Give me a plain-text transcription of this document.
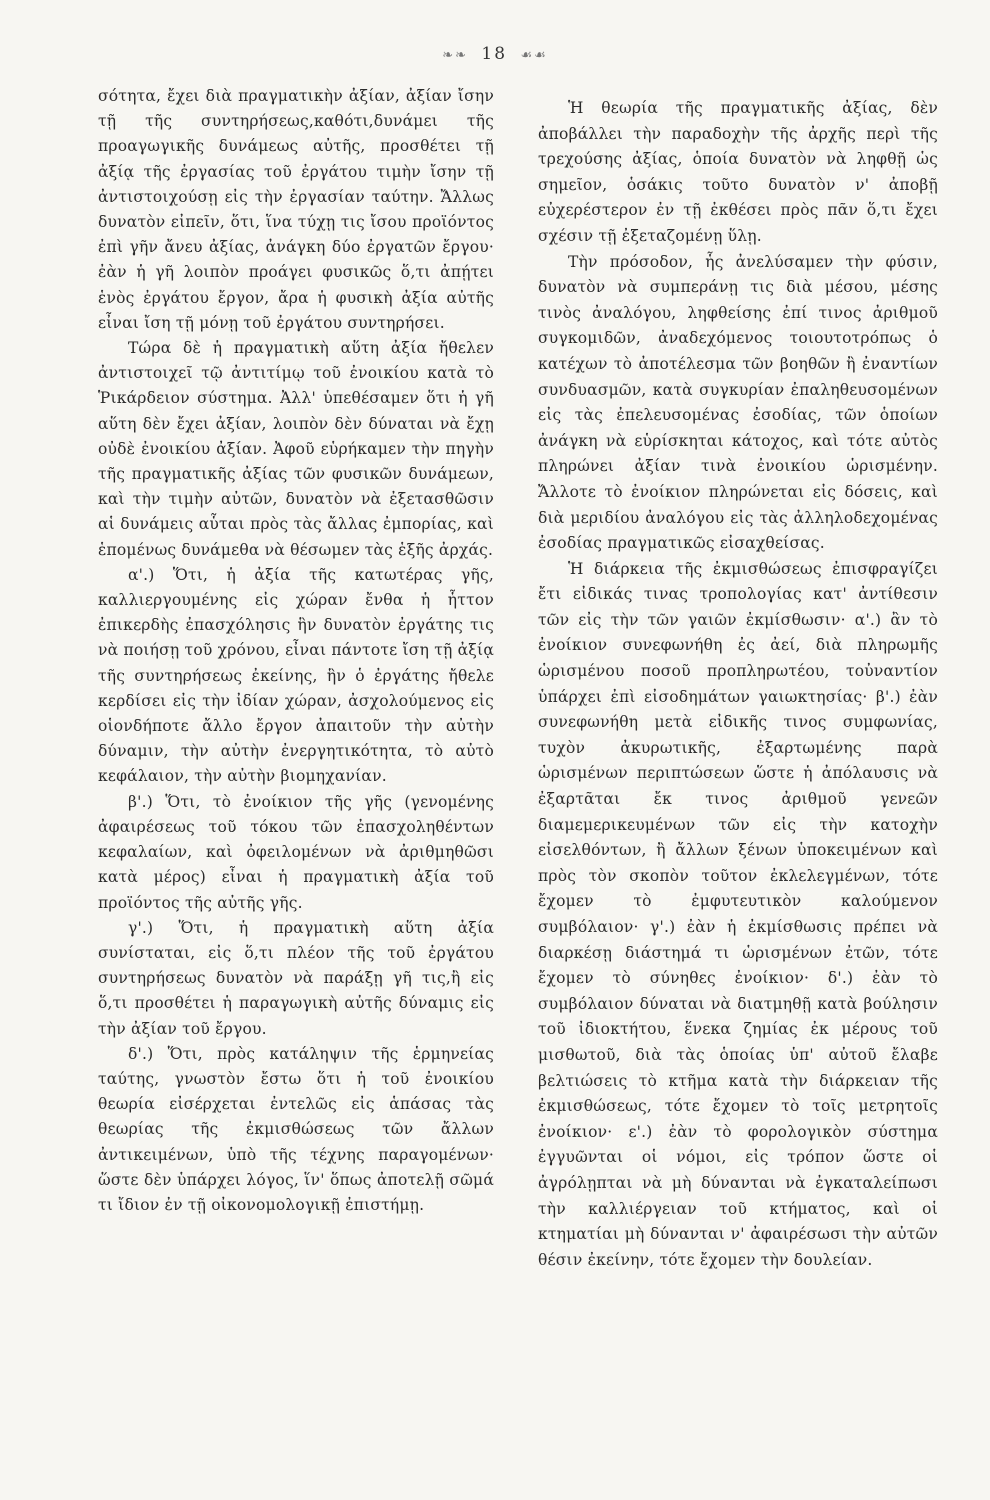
❧❧ 18 ☙☙

σότητα, ἔχει διὰ πραγματικὴν ἀξίαν, ἀξίαν ἴσην τῇ τῆς συντηρήσεως,καθότι,δυνάμει τῆς προαγωγικῆς δυνάμεως αὐτῆς, προσθέτει τῇ ἀξίᾳ τῆς ἐργασίας τοῦ ἐργάτου τιμὴν ἴσην τῇ ἀντιστοιχούσῃ εἰς τὴν ἐργασίαν ταύτην. Ἄλλως δυνατὸν εἰπεῖν, ὅτι, ἵνα τύχῃ τις ἴσου προϊόντος ἐπὶ γῆν ἄνευ ἀξίας, ἀνάγκη δύο ἐργατῶν ἔργου· ἐὰν ἡ γῆ λοιπὸν προάγει φυσικῶς ὅ,τι ἀπῄτει ἑνὸς ἐργάτου ἔργον, ἄρα ἡ φυσικὴ ἀξία αὐτῆς εἶναι ἴση τῇ μόνῃ τοῦ ἐργάτου συντηρήσει.

Τώρα δὲ ἡ πραγματικὴ αὕτη ἀξία ἤθελεν ἀντιστοιχεῖ τῷ ἀντιτίμῳ τοῦ ἐνοικίου κατὰ τὸ Ῥικάρδειον σύστημα. Ἀλλ' ὑπεθέσαμεν ὅτι ἡ γῆ αὕτη δὲν ἔχει ἀξίαν, λοιπὸν δὲν δύναται νὰ ἔχῃ οὐδὲ ἐνοικίου ἀξίαν. Ἀφοῦ εὑρήκαμεν τὴν πηγὴν τῆς πραγματικῆς ἀξίας τῶν φυσικῶν δυνάμεων, καὶ τὴν τιμὴν αὐτῶν, δυνατὸν νὰ ἐξετασθῶσιν αἱ δυνάμεις αὗται πρὸς τὰς ἄλλας ἐμπορίας, καὶ ἑπομένως δυνάμεθα νὰ θέσωμεν τὰς ἑξῆς ἀρχάς.

α'.) Ὅτι, ἡ ἀξία τῆς κατωτέρας γῆς, καλλιεργουμένης εἰς χώραν ἔνθα ἡ ἧττον ἐπικερδὴς ἐπασχόλησις ἣν δυνατὸν ἐργάτης τις νὰ ποιήσῃ τοῦ χρόνου, εἶναι πάντοτε ἴση τῇ ἀξίᾳ τῆς συντηρήσεως ἐκείνης, ἣν ὁ ἐργάτης ἤθελε κερδίσει εἰς τὴν ἰδίαν χώραν, ἀσχολούμενος εἰς οἱονδήποτε ἄλλο ἔργον ἀπαιτοῦν τὴν αὐτὴν δύναμιν, τὴν αὐτὴν ἐνεργητικότητα, τὸ αὐτὸ κεφάλαιον, τὴν αὐτὴν βιομηχανίαν.

β'.) Ὅτι, τὸ ἐνοίκιον τῆς γῆς (γενομένης ἀφαιρέσεως τοῦ τόκου τῶν ἐπασχοληθέντων κεφαλαίων, καὶ ὀφειλομένων νὰ ἀριθμηθῶσι κατὰ μέρος) εἶναι ἡ πραγματικὴ ἀξία τοῦ προϊόντος τῆς αὐτῆς γῆς.

γ'.) Ὅτι, ἡ πραγματικὴ αὕτη ἀξία συνίσταται, εἰς ὅ,τι πλέον τῆς τοῦ ἐργάτου συντηρήσεως δυνατὸν νὰ παράξῃ γῆ τις,ἢ εἰς ὅ,τι προσθέτει ἡ παραγωγικὴ αὐτῆς δύναμις εἰς τὴν ἀξίαν τοῦ ἔργου.

δ'.) Ὅτι, πρὸς κατάληψιν τῆς ἑρμηνείας ταύτης, γνωστὸν ἔστω ὅτι ἡ τοῦ ἐνοικίου θεωρία εἰσέρχεται ἐντελῶς εἰς ἁπάσας τὰς θεωρίας τῆς ἐκμισθώσεως τῶν ἄλλων ἀντικειμένων, ὑπὸ τῆς τέχνης παραγομένων· ὥστε δὲν ὑπάρχει λόγος, ἵν' ὅπως ἀποτελῇ σῶμά τι ἴδιον ἐν τῇ οἰκονομολογικῇ ἐπιστήμῃ.

Ἡ θεωρία τῆς πραγματικῆς ἀξίας, δὲν ἀποβάλλει τὴν παραδοχὴν τῆς ἀρχῆς περὶ τῆς τρεχούσης ἀξίας, ὁποία δυνατὸν νὰ ληφθῇ ὡς σημεῖον, ὁσάκις τοῦτο δυνατὸν ν' ἀποβῇ εὐχερέστερον ἐν τῇ ἐκθέσει πρὸς πᾶν ὅ,τι ἔχει σχέσιν τῇ ἐξεταζομένῃ ὕλῃ.

Τὴν πρόσοδον, ἧς ἀνελύσαμεν τὴν φύσιν, δυνατὸν νὰ συμπεράνῃ τις διὰ μέσου, μέσης τινὸς ἀναλόγου, ληφθείσης ἐπί τινος ἀριθμοῦ συγκομιδῶν, ἀναδεχόμενος τοιουτοτρόπως ὁ κατέχων τὸ ἀποτέλεσμα τῶν βοηθῶν ἢ ἐναντίων συνδυασμῶν, κατὰ συγκυρίαν ἐπαληθευσομένων εἰς τὰς ἐπελευσομένας ἐσοδίας, τῶν ὁποίων ἀνάγκη νὰ εὑρίσκηται κάτοχος, καὶ τότε αὐτὸς πληρώνει ἀξίαν τινὰ ἐνοικίου ὡρισμένην. Ἄλλοτε τὸ ἐνοίκιον πληρώνεται εἰς δόσεις, καὶ διὰ μεριδίου ἀναλόγου εἰς τὰς ἀλληλοδεχομένας ἐσοδίας πραγματικῶς εἰσαχθείσας.

Ἡ διάρκεια τῆς ἐκμισθώσεως ἐπισφραγίζει ἔτι εἰδικάς τινας τροπολογίας κατ' ἀντίθεσιν τῶν εἰς τὴν τῶν γαιῶν ἐκμίσθωσιν· α'.) ἂν τὸ ἐνοίκιον συνεφωνήθη ἐς ἀεί, διὰ πληρωμῆς ὡρισμένου ποσοῦ προπληρωτέου, τοὐναντίον ὑπάρχει ἐπὶ εἰσοδημάτων γαιωκτησίας· β'.) ἐὰν συνεφωνήθη μετὰ εἰδικῆς τινος συμφωνίας, τυχὸν ἀκυρωτικῆς, ἐξαρτωμένης παρὰ ὡρισμένων περιπτώσεων ὥστε ἡ ἀπόλαυσις νὰ ἐξαρτᾶται ἔκ τινος ἀριθμοῦ γενεῶν διαμεμερικευμένων τῶν εἰς τὴν κατοχὴν εἰσελθόντων, ἢ ἄλλων ξένων ὑποκειμένων καὶ πρὸς τὸν σκοπὸν τοῦτον ἐκλελεγμένων, τότε ἔχομεν τὸ ἐμφυτευτικὸν καλούμενον συμβόλαιον· γ'.) ἐὰν ἡ ἐκμίσθωσις πρέπει νὰ διαρκέσῃ διάστημά τι ὡρισμένων ἐτῶν, τότε ἔχομεν τὸ σύνηθες ἐνοίκιον· δ'.) ἐὰν τὸ συμβόλαιον δύναται νὰ διατμηθῇ κατὰ βούλησιν τοῦ ἰδιοκτήτου, ἕνεκα ζημίας ἐκ μέρους τοῦ μισθωτοῦ, διὰ τὰς ὁποίας ὑπ' αὐτοῦ ἔλαβε βελτιώσεις τὸ κτῆμα κατὰ τὴν διάρκειαν τῆς ἐκμισθώσεως, τότε ἔχομεν τὸ τοῖς μετρητοῖς ἐνοίκιον· ε'.) ἐὰν τὸ φορολογικὸν σύστημα ἐγγυῶνται οἱ νόμοι, εἰς τρόπον ὥστε οἱ ἀγρόλῃπται νὰ μὴ δύνανται νὰ ἐγκαταλείπωσι τὴν καλλιέργειαν τοῦ κτήματος, καὶ οἱ κτηματίαι μὴ δύνανται ν' ἀφαιρέσωσι τὴν αὐτῶν θέσιν ἐκείνην, τότε ἔχομεν τὴν δουλείαν.
